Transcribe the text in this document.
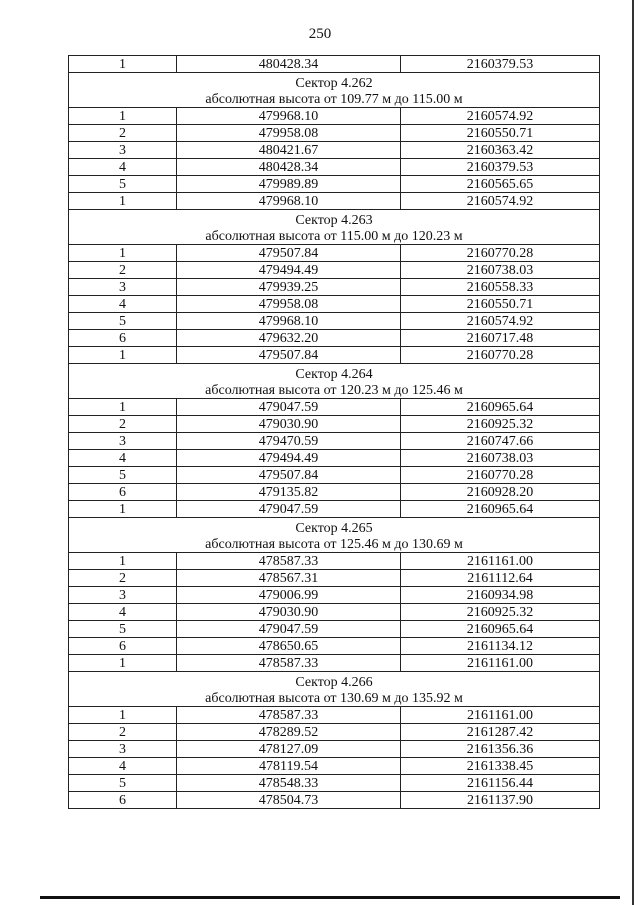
250
1	480428.34	2160379.53
Сектор 4.262		
абсолютная высота от 109.77 м до 115.00 м		
1	479968.10	2160574.92
2	479958.08	2160550.71
3	480421.67	2160363.42
4	480428.34	2160379.53
5	479989.89	2160565.65
1	479968.10	2160574.92
Сектор 4.263		
абсолютная высота от 115.00 м до 120.23 м		
1	479507.84	2160770.28
2	479494.49	2160738.03
3	479939.25	2160558.33
4	479958.08	2160550.71
5	479968.10	2160574.92
6	479632.20	2160717.48
1	479507.84	2160770.28
Сектор 4.264		
абсолютная высота от 120.23 м до 125.46 м		
1	479047.59	2160965.64
2	479030.90	2160925.32
3	479470.59	2160747.66
4	479494.49	2160738.03
5	479507.84	2160770.28
6	479135.82	2160928.20
1	479047.59	2160965.64
Сектор 4.265		
абсолютная высота от 125.46 м до 130.69 м		
1	478587.33	2161161.00
2	478567.31	2161112.64
3	479006.99	2160934.98
4	479030.90	2160925.32
5	479047.59	2160965.64
6	478650.65	2161134.12
1	478587.33	2161161.00
Сектор 4.266		
абсолютная высота от 130.69 м до 135.92 м		
1	478587.33	2161161.00
2	478289.52	2161287.42
3	478127.09	2161356.36
4	478119.54	2161338.45
5	478548.33	2161156.44
6	478504.73	2161137.90
